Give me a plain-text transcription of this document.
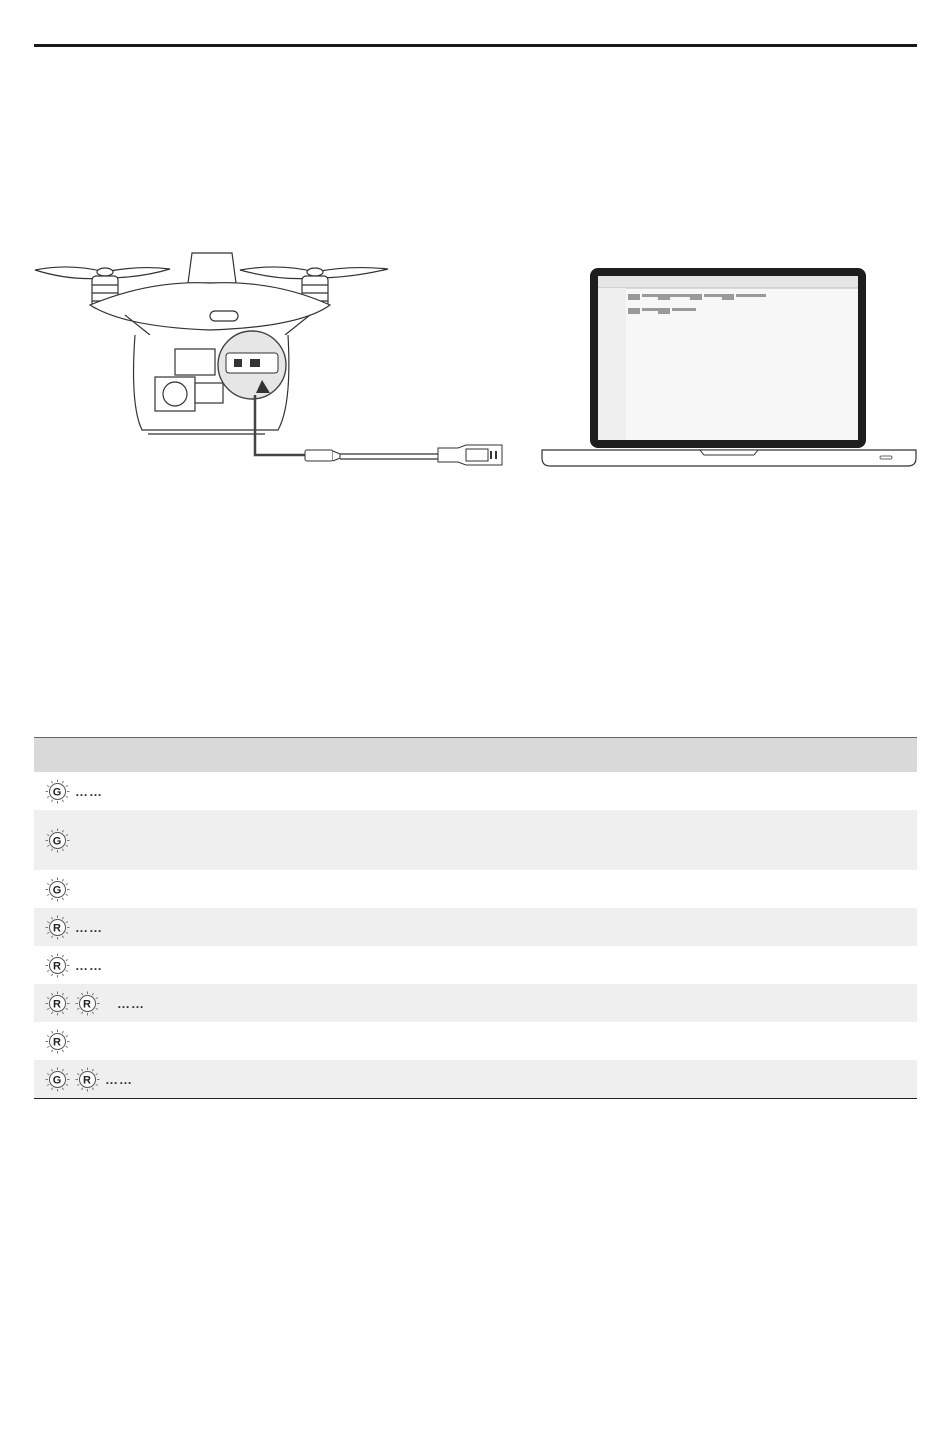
G ……
G
G
R ……
R ……
R R ……
R
G R ……
